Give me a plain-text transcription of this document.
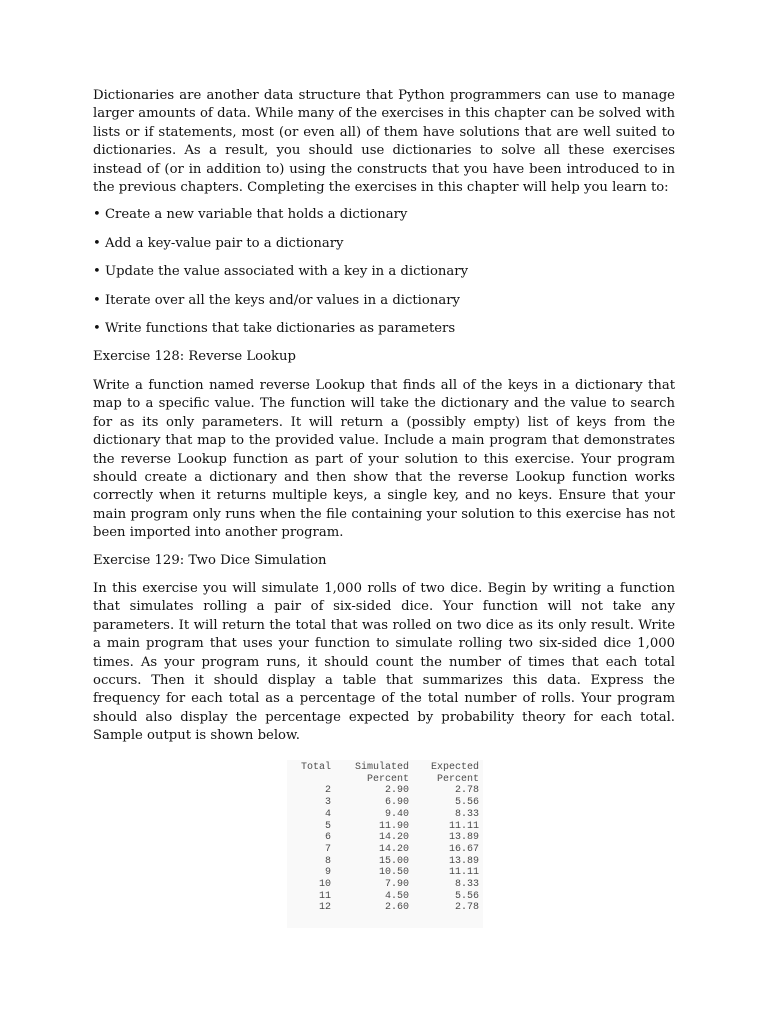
Dictionaries are another data structure that Python programmers can use to manage larger amounts of data. While many of the exercises in this chapter can be solved with lists or if statements, most (or even all) of them have solutions that are well suited to dictionaries. As a result, you should use dictionaries to solve all these exercises instead of (or in addition to) using the constructs that you have been introduced to in the previous chapters. Completing the exercises in this chapter will help you learn to:

• Create a new variable that holds a dictionary

• Add a key-value pair to a dictionary

• Update the value associated with a key in a dictionary

• Iterate over all the keys and/or values in a dictionary

• Write functions that take dictionaries as parameters

Exercise 128: Reverse Lookup

Write a function named reverse Lookup that finds all of the keys in a dictionary that map to a specific value. The function will take the dictionary and the value to search for as its only parameters. It will return a (possibly empty) list of keys from the dictionary that map to the provided value. Include a main program that demonstrates the reverse Lookup function as part of your solution to this exercise. Your program should create a dictionary and then show that the reverse Lookup function works correctly when it returns multiple keys, a single key, and no keys. Ensure that your main program only runs when the file containing your solution to this exercise has not been imported into another program.

Exercise 129: Two Dice Simulation

In this exercise you will simulate 1,000 rolls of two dice. Begin by writing a function that simulates rolling a pair of six-sided dice. Your function will not take any parameters. It will return the total that was rolled on two dice as its only result. Write a main program that uses your function to simulate rolling two six-sided dice 1,000 times. As your program runs, it should count the number of times that each total occurs. Then it should display a table that summarizes this data. Express the frequency for each total as a percentage of the total number of rolls. Your program should also display the percentage expected by probability theory for each total. Sample output is shown below.

Total	Simulated	Expected
	Percent	Percent
2	2.90	2.78
3	6.90	5.56
4	9.40	8.33
5	11.90	11.11
6	14.20	13.89
7	14.20	16.67
8	15.00	13.89
9	10.50	11.11
10	7.90	8.33
11	4.50	5.56
12	2.60	2.78
